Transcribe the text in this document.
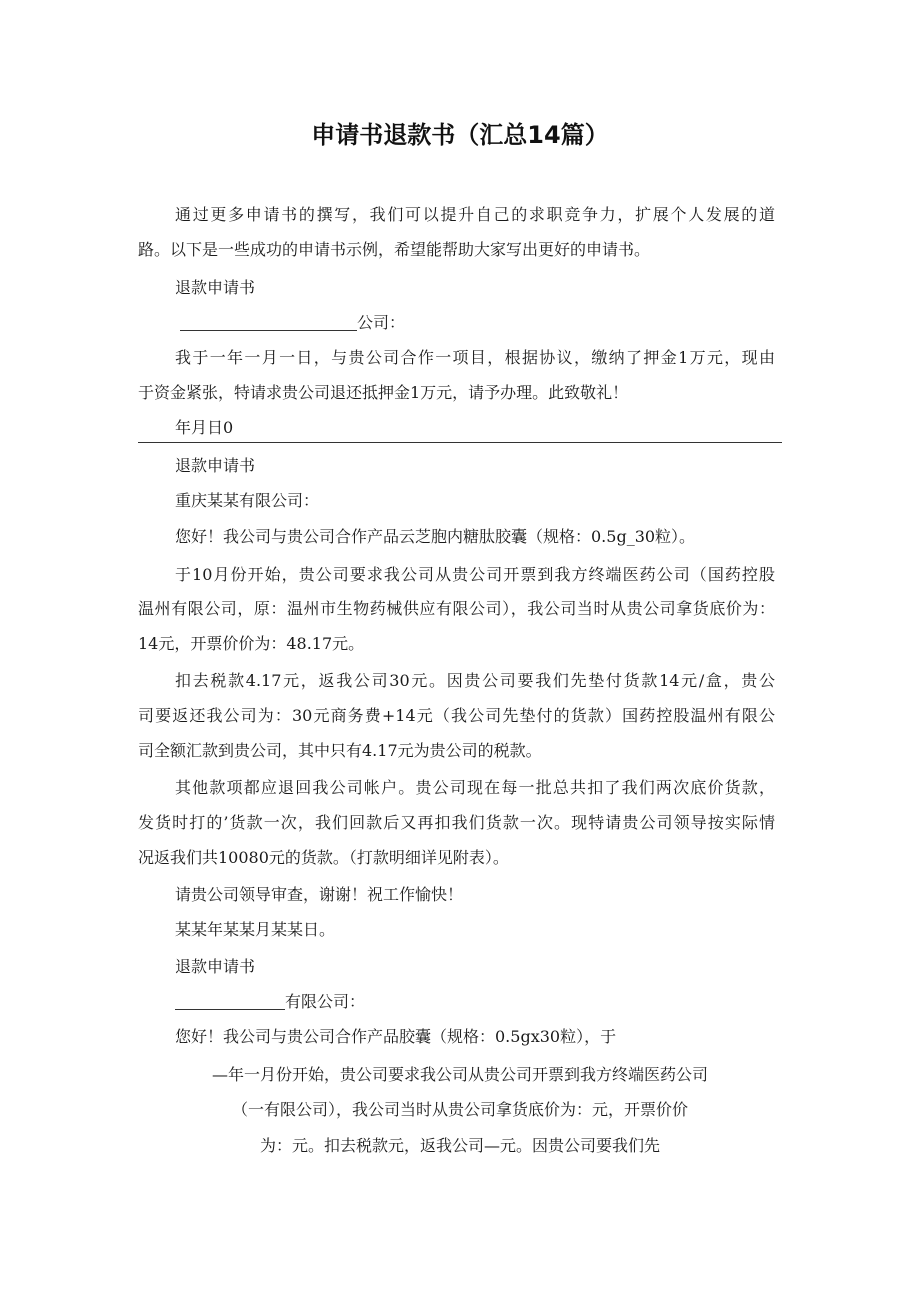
申请书退款书（汇总14篇）
通过更多申请书的撰写，我们可以提升自己的求职竞争力，扩展个人发展的道
路。以下是一些成功的申请书示例，希望能帮助大家写出更好的申请书。
退款申请书
公司：
我于一年一月一日，与贵公司合作一项目，根据协议，缴纳了押金1万元，现由
于资金紧张，特请求贵公司退还抵押金1万元，请予办理。此致敬礼！
年月日0
退款申请书
重庆某某有限公司：
您好！我公司与贵公司合作产品云芝胞内糖肽胶囊（规格：0.5g_30粒）。
于10月份开始，贵公司要求我公司从贵公司开票到我方终端医药公司（国药控股
温州有限公司，原：温州市生物药械供应有限公司），我公司当时从贵公司拿货底价为：
14元，开票价价为：48.17元。
扣去税款4.17元，返我公司30元。因贵公司要我们先垫付货款14元/盒，贵公
司要返还我公司为：30元商务费+14元（我公司先垫付的货款）国药控股温州有限公
司全额汇款到贵公司，其中只有4.17元为贵公司的税款。
其他款项都应退回我公司帐户。贵公司现在每一批总共扣了我们两次底价货款，
发货时打的’货款一次，我们回款后又再扣我们货款一次。现特请贵公司领导按实际情
况返我们共10080元的货款。（打款明细详见附表）。
请贵公司领导审查，谢谢！祝工作愉快！
某某年某某月某某日。
退款申请书
有限公司：
您好！我公司与贵公司合作产品胶囊（规格：0.5gx30粒），于
—年一月份开始，贵公司要求我公司从贵公司开票到我方终端医药公司
（一有限公司），我公司当时从贵公司拿货底价为：元，开票价价
为：元。扣去税款元，返我公司—元。因贵公司要我们先
